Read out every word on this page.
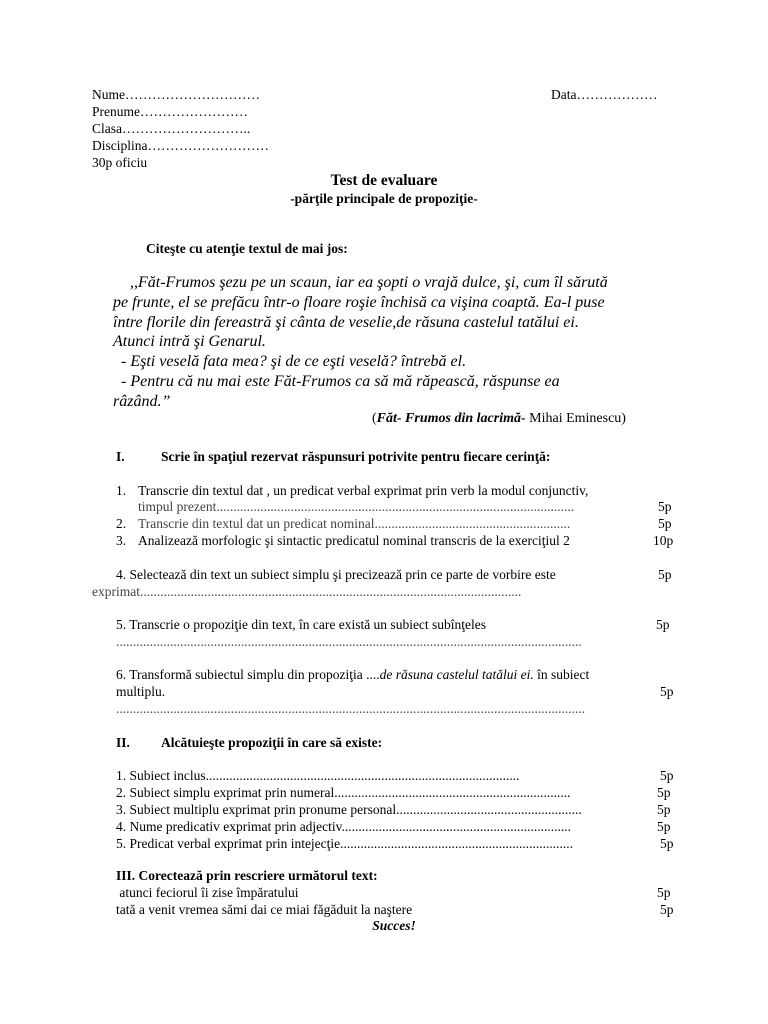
Nume…………………………	Data………………
Prenume……………………
Clasa………………………..
Disciplina………………………
30p oficiu
Test de evaluare
-părţile principale de propoziţie-
Citeşte cu atenţie textul de mai jos:
,,Făt-Frumos şezu pe un scaun, iar ea şopti o vrajă dulce, şi, cum îl sărută
pe frunte, el se prefăcu într-o floare roşie închisă ca vişina coaptă. Ea-l puse
între florile din fereastră şi cânta de veselie,de răsuna castelul tatălui ei.
Atunci intră şi Genarul.
- Eşti veselă fata mea? şi de ce eşti veselă? întrebă el.
- Pentru că nu mai este Făt-Frumos ca să mă răpească, răspunse ea
râzând.”
(Făt- Frumos din lacrimă- Mihai Eminescu)
I.	Scrie în spaţiul rezervat răspunsuri potrivite pentru fiecare cerinţă:
1. Transcrie din textul dat , un predicat verbal exprimat prin verb la modul conjunctiv,
timpul prezent..........................................................................................................	5p
2. Transcrie din textul dat un predicat nominal..........................................................	5p
3. Analizează morfologic şi sintactic predicatul nominal transcris de la exerciţiul 2	10p
4. Selectează din text un subiect simplu şi precizează prin ce parte de vorbire este	5p
exprimat.................................................................................................................
5. Transcrie o propoziţie din text, în care există un subiect subînţeles	5p
..........................................................................................................................................
6. Transformă subiectul simplu din propoziţia ....de răsuna castelul tatălui ei. în subiect
multiplu.	5p
...........................................................................................................................................
II. Alcătuieşte propoziţii în care să existe:
1. Subiect inclus.............................................................................................	5p
2. Subiect simplu exprimat prin numeral......................................................................	5p
3. Subiect multiplu exprimat prin pronume personal.......................................................	5p
4. Nume predicativ exprimat prin adjectiv....................................................................	5p
5. Predicat verbal exprimat prin intejecţie.....................................................................	5p
III. Corectează prin rescriere următorul text:
atunci feciorul îi zise împăratului	5p
tată a venit vremea sămi dai ce miai făgăduit la naştere	5p
Succes!
